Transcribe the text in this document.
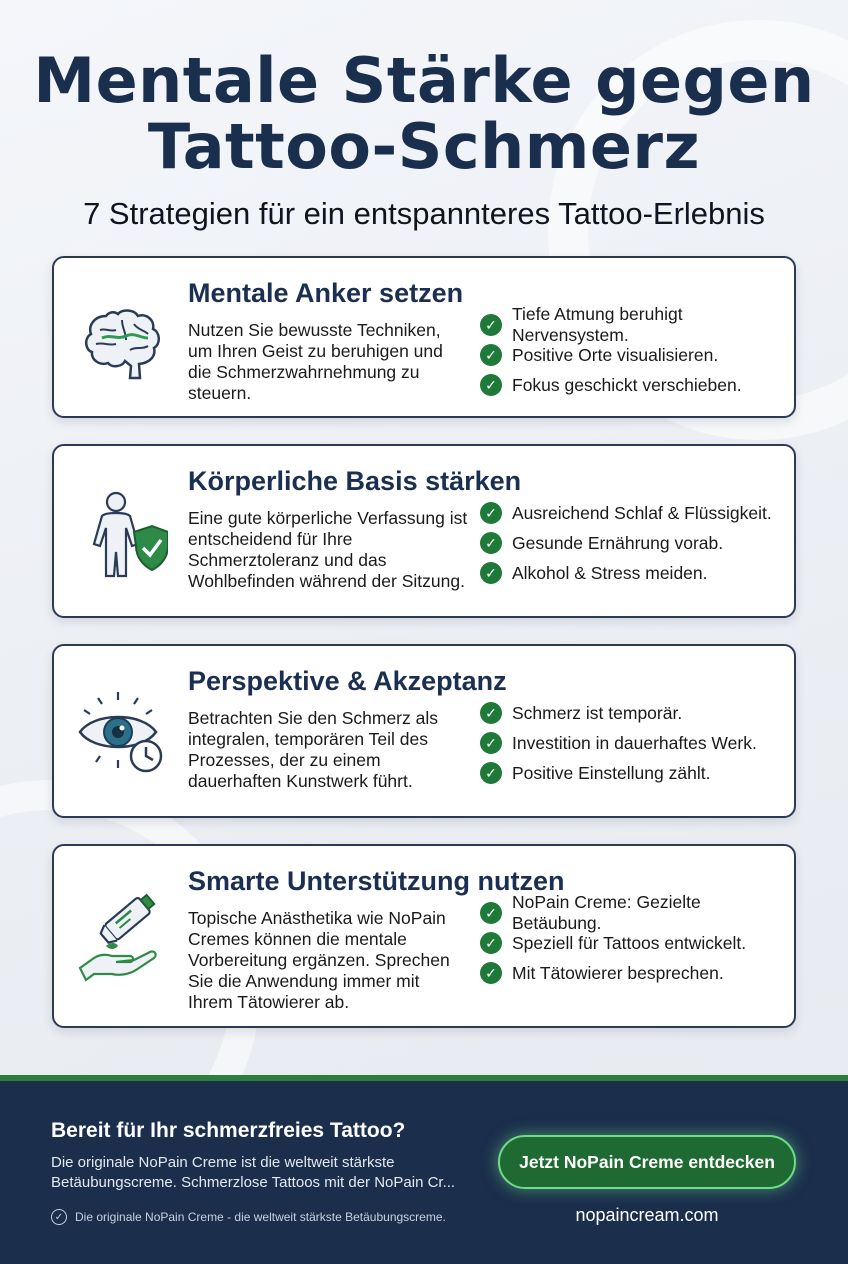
Mentale Stärke gegen
Tattoo-Schmerz
7 Strategien für ein entspannteres Tattoo-Erlebnis
Mentale Anker setzen
Nutzen Sie bewusste Techniken, um Ihren Geist zu beruhigen und die Schmerzwahrnehmung zu steuern.
✓
Tiefe Atmung beruhigt Nervensystem.
✓ Positive Orte visualisieren.
✓ Fokus geschickt verschieben.
Körperliche Basis stärken
Eine gute körperliche Verfassung ist entscheidend für Ihre Schmerztoleranz und das Wohlbefinden während der Sitzung.
✓ Ausreichend Schlaf & Flüssigkeit.
✓ Gesunde Ernährung vorab.
✓ Alkohol & Stress meiden.
Perspektive & Akzeptanz
Betrachten Sie den Schmerz als integralen, temporären Teil des Prozesses, der zu einem dauerhaften Kunstwerk führt.
✓ Schmerz ist temporär.
✓ Investition in dauerhaftes Werk.
✓ Positive Einstellung zählt.
Smarte Unterstützung nutzen
Topische Anästhetika wie NoPain Cremes können die mentale Vorbereitung ergänzen. Sprechen Sie die Anwendung immer mit Ihrem Tätowierer ab.
✓
NoPain Creme: Gezielte Betäubung.
✓ Speziell für Tattoos entwickelt.
✓ Mit Tätowierer besprechen.
Bereit für Ihr schmerzfreies Tattoo?
Die originale NoPain Creme ist die weltweit stärkste Betäubungscreme. Schmerzlose Tattoos mit der NoPain Cr...
✓ Die originale NoPain Creme - die weltweit stärkste Betäubungscreme.
Jetzt NoPain Creme entdecken
nopaincream.com
